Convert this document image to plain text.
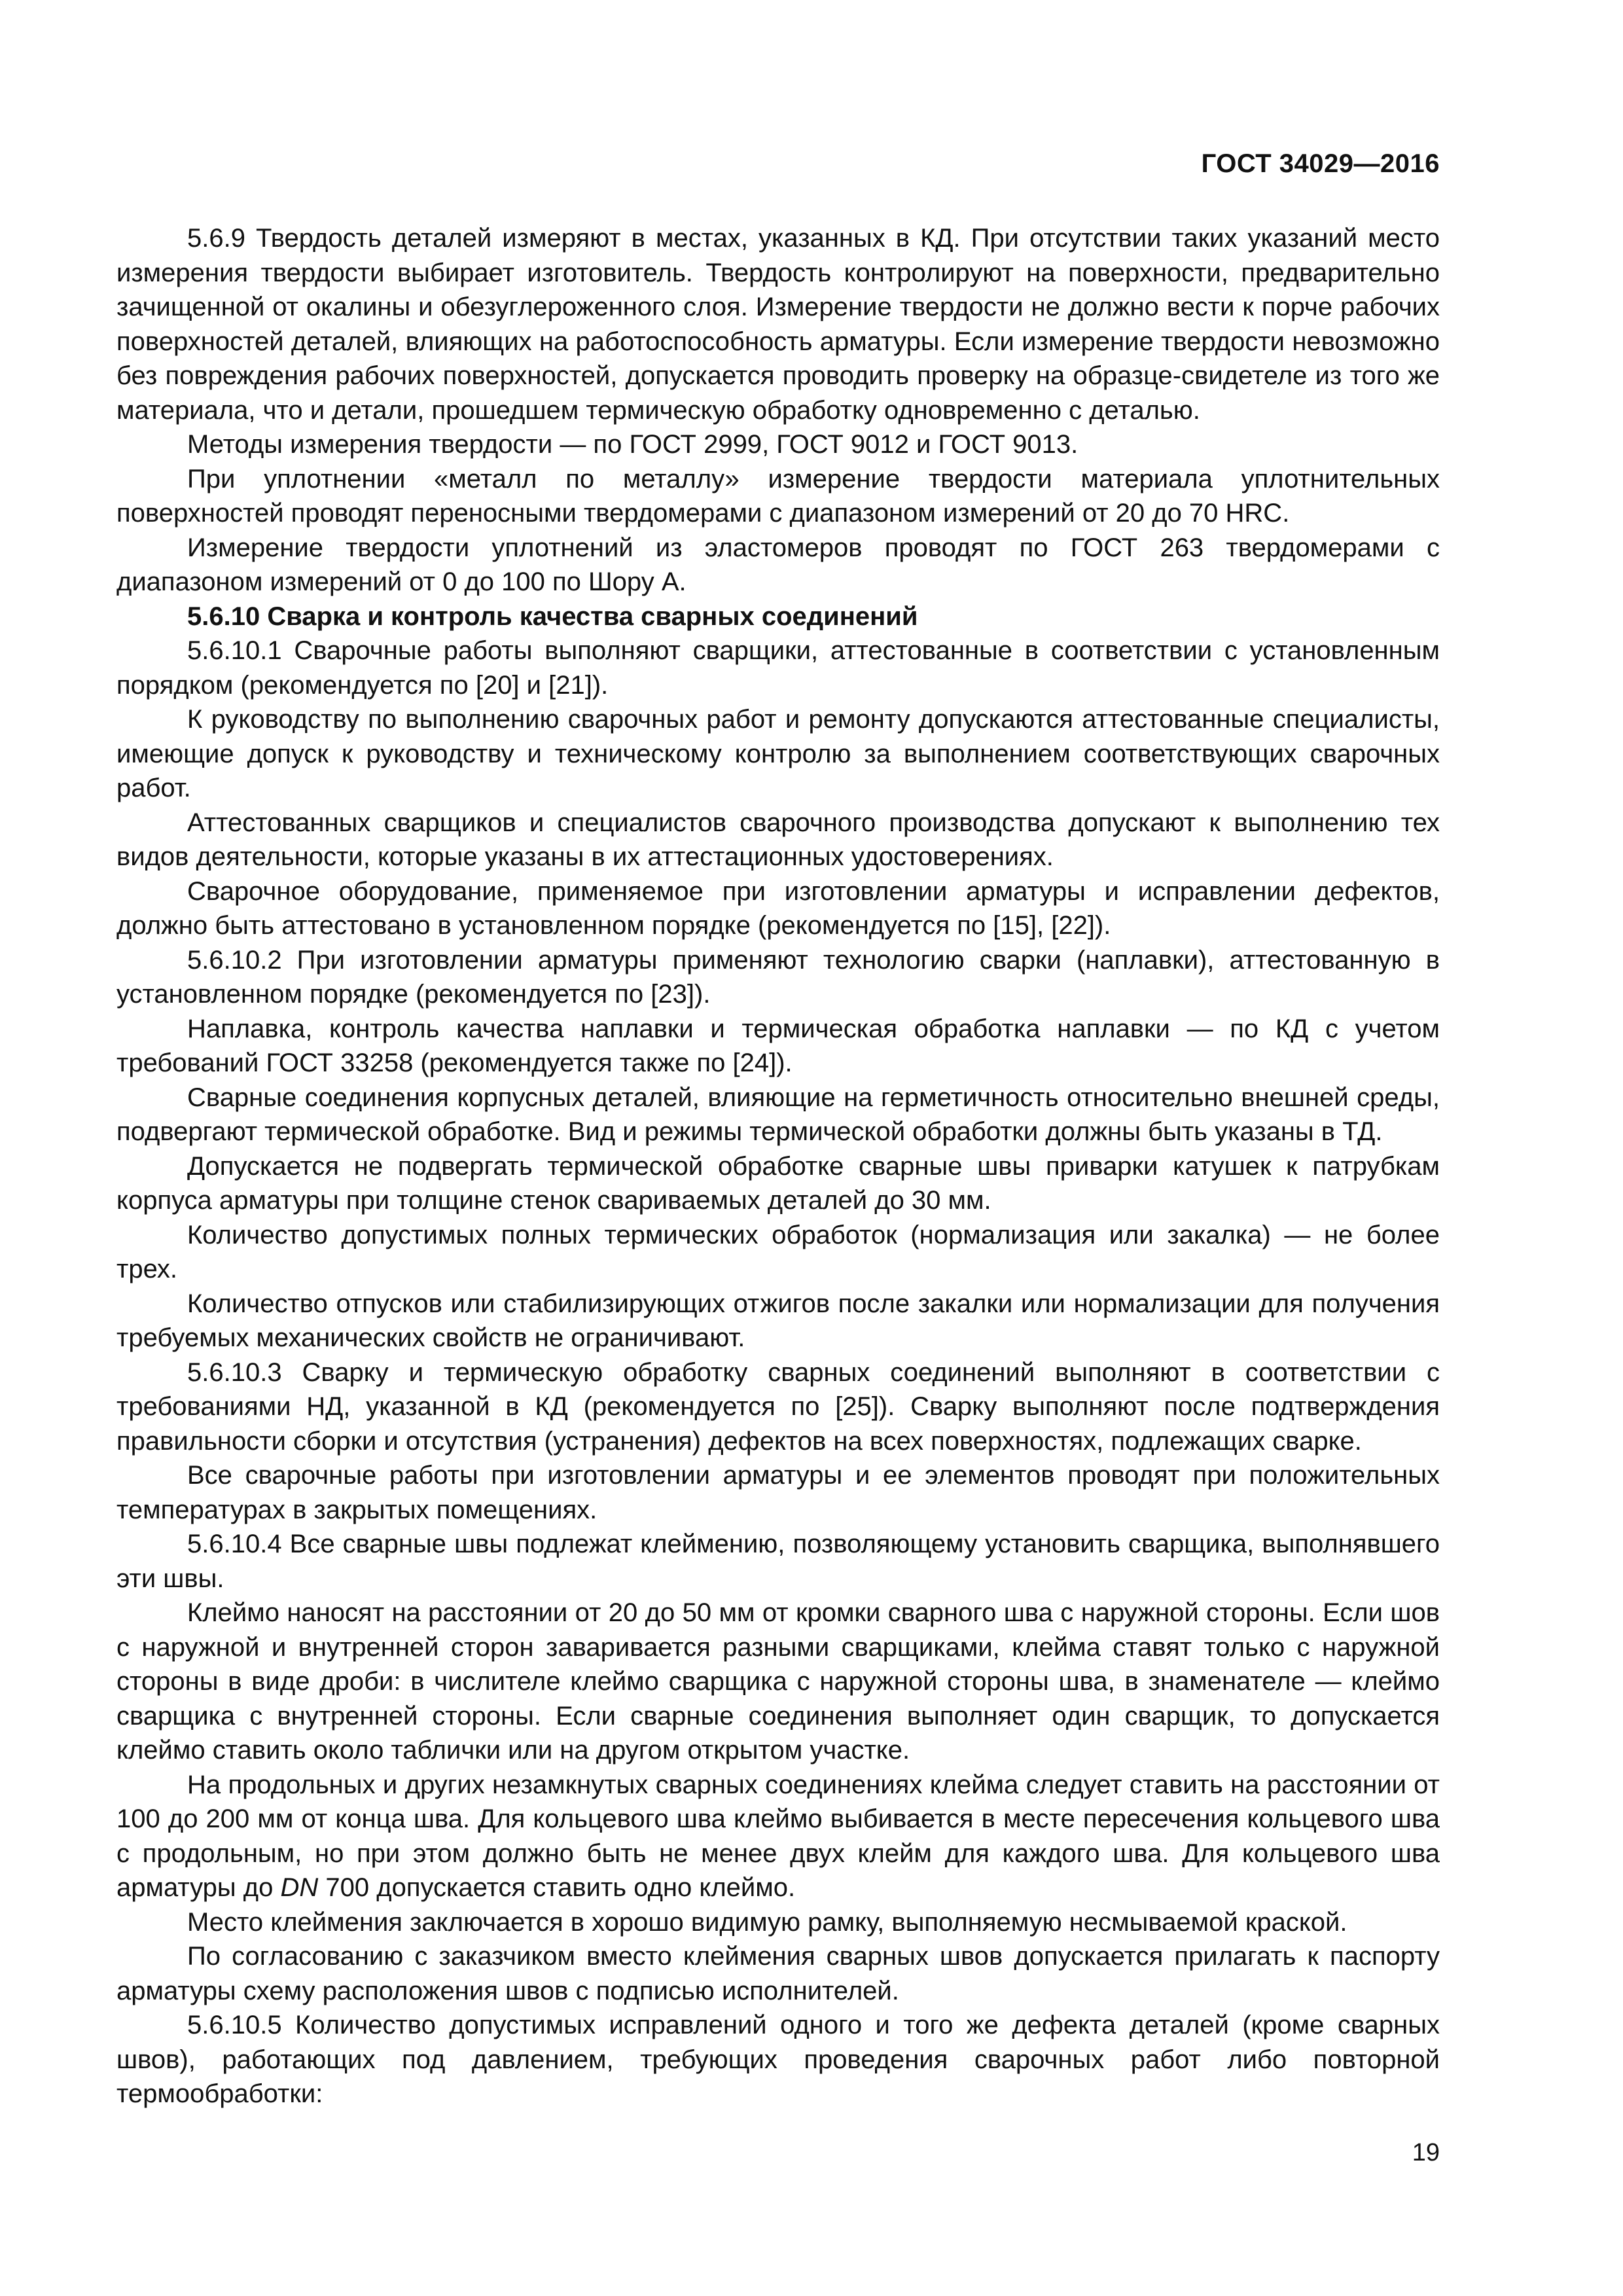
ГОСТ 34029—2016

5.6.9 Твердость деталей измеряют в местах, указанных в КД. При отсутствии таких указаний место измерения твердости выбирает изготовитель. Твердость контролируют на поверхности, предварительно зачищенной от окалины и обезуглероженного слоя. Измерение твердости не должно вести к порче рабочих поверхностей деталей, влияющих на работоспособность арматуры. Если измерение твердости невозможно без повреждения рабочих поверхностей, допускается проводить проверку на образце-свидетеле из того же материала, что и детали, прошедшем термическую обработку одновременно с деталью.

Методы измерения твердости — по ГОСТ 2999, ГОСТ 9012 и ГОСТ 9013.

При уплотнении «металл по металлу» измерение твердости материала уплотнительных поверхностей проводят переносными твердомерами с диапазоном измерений от 20 до 70 HRC.

Измерение твердости уплотнений из эластомеров проводят по ГОСТ 263 твердомерами с диапазоном измерений от 0 до 100 по Шору А.

5.6.10 Сварка и контроль качества сварных соединений

5.6.10.1 Сварочные работы выполняют сварщики, аттестованные в соответствии с установленным порядком (рекомендуется по [20] и [21]).

К руководству по выполнению сварочных работ и ремонту допускаются аттестованные специалисты, имеющие допуск к руководству и техническому контролю за выполнением соответствующих сварочных работ.

Аттестованных сварщиков и специалистов сварочного производства допускают к выполнению тех видов деятельности, которые указаны в их аттестационных удостоверениях.

Сварочное оборудование, применяемое при изготовлении арматуры и исправлении дефектов, должно быть аттестовано в установленном порядке (рекомендуется по [15], [22]).

5.6.10.2 При изготовлении арматуры применяют технологию сварки (наплавки), аттестованную в установленном порядке (рекомендуется по [23]).

Наплавка, контроль качества наплавки и термическая обработка наплавки — по КД с учетом требований ГОСТ 33258 (рекомендуется также по [24]).

Сварные соединения корпусных деталей, влияющие на герметичность относительно внешней среды, подвергают термической обработке. Вид и режимы термической обработки должны быть указаны в ТД.

Допускается не подвергать термической обработке сварные швы приварки катушек к патрубкам корпуса арматуры при толщине стенок свариваемых деталей до 30 мм.

Количество допустимых полных термических обработок (нормализация или закалка) — не более трех.

Количество отпусков или стабилизирующих отжигов после закалки или нормализации для получения требуемых механических свойств не ограничивают.

5.6.10.3 Сварку и термическую обработку сварных соединений выполняют в соответствии с требованиями НД, указанной в КД (рекомендуется по [25]). Сварку выполняют после подтверждения правильности сборки и отсутствия (устранения) дефектов на всех поверхностях, подлежащих сварке.

Все сварочные работы при изготовлении арматуры и ее элементов проводят при положительных температурах в закрытых помещениях.

5.6.10.4 Все сварные швы подлежат клеймению, позволяющему установить сварщика, выполнявшего эти швы.

Клеймо наносят на расстоянии от 20 до 50 мм от кромки сварного шва с наружной стороны. Если шов с наружной и внутренней сторон заваривается разными сварщиками, клейма ставят только с наружной стороны в виде дроби: в числителе клеймо сварщика с наружной стороны шва, в знаменателе — клеймо сварщика с внутренней стороны. Если сварные соединения выполняет один сварщик, то допускается клеймо ставить около таблички или на другом открытом участке.

На продольных и других незамкнутых сварных соединениях клейма следует ставить на расстоянии от 100 до 200 мм от конца шва. Для кольцевого шва клеймо выбивается в месте пересечения кольцевого шва с продольным, но при этом должно быть не менее двух клейм для каждого шва. Для кольцевого шва арматуры до DN 700 допускается ставить одно клеймо.

Место клеймения заключается в хорошо видимую рамку, выполняемую несмываемой краской.

По согласованию с заказчиком вместо клеймения сварных швов допускается прилагать к паспорту арматуры схему расположения швов с подписью исполнителей.

5.6.10.5 Количество допустимых исправлений одного и того же дефекта деталей (кроме сварных швов), работающих под давлением, требующих проведения сварочных работ либо повторной термообработки:

19
